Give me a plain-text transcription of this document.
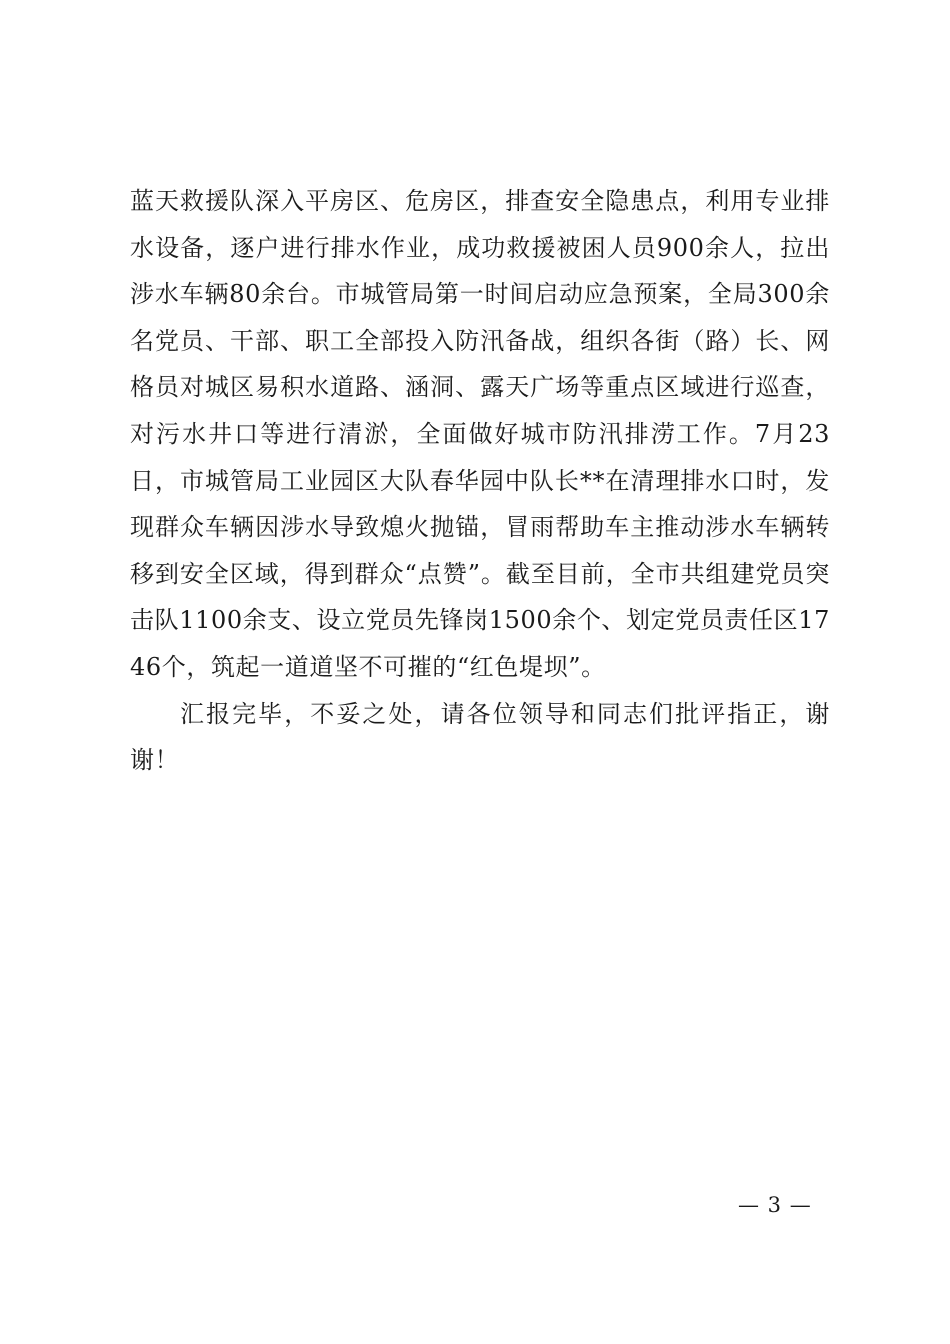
蓝天救援队深入平房区、危房区，排查安全隐患点，利用专业排水设备，逐户进行排水作业，成功救援被困人员900余人，拉出涉水车辆80余台。市城管局第一时间启动应急预案，全局300余名党员、干部、职工全部投入防汛备战，组织各街（路）长、网格员对城区易积水道路、涵洞、露天广场等重点区域进行巡查，对污水井口等进行清淤，全面做好城市防汛排涝工作。7月23日，市城管局工业园区大队春华园中队长**在清理排水口时，发现群众车辆因涉水导致熄火抛锚，冒雨帮助车主推动涉水车辆转移到安全区域，得到群众“点赞”。截至目前，全市共组建党员突击队1100余支、设立党员先锋岗1500余个、划定党员责任区1746个，筑起一道道坚不可摧的“红色堤坝”。

汇报完毕，不妥之处，请各位领导和同志们批评指正，谢谢！

— 3 —
